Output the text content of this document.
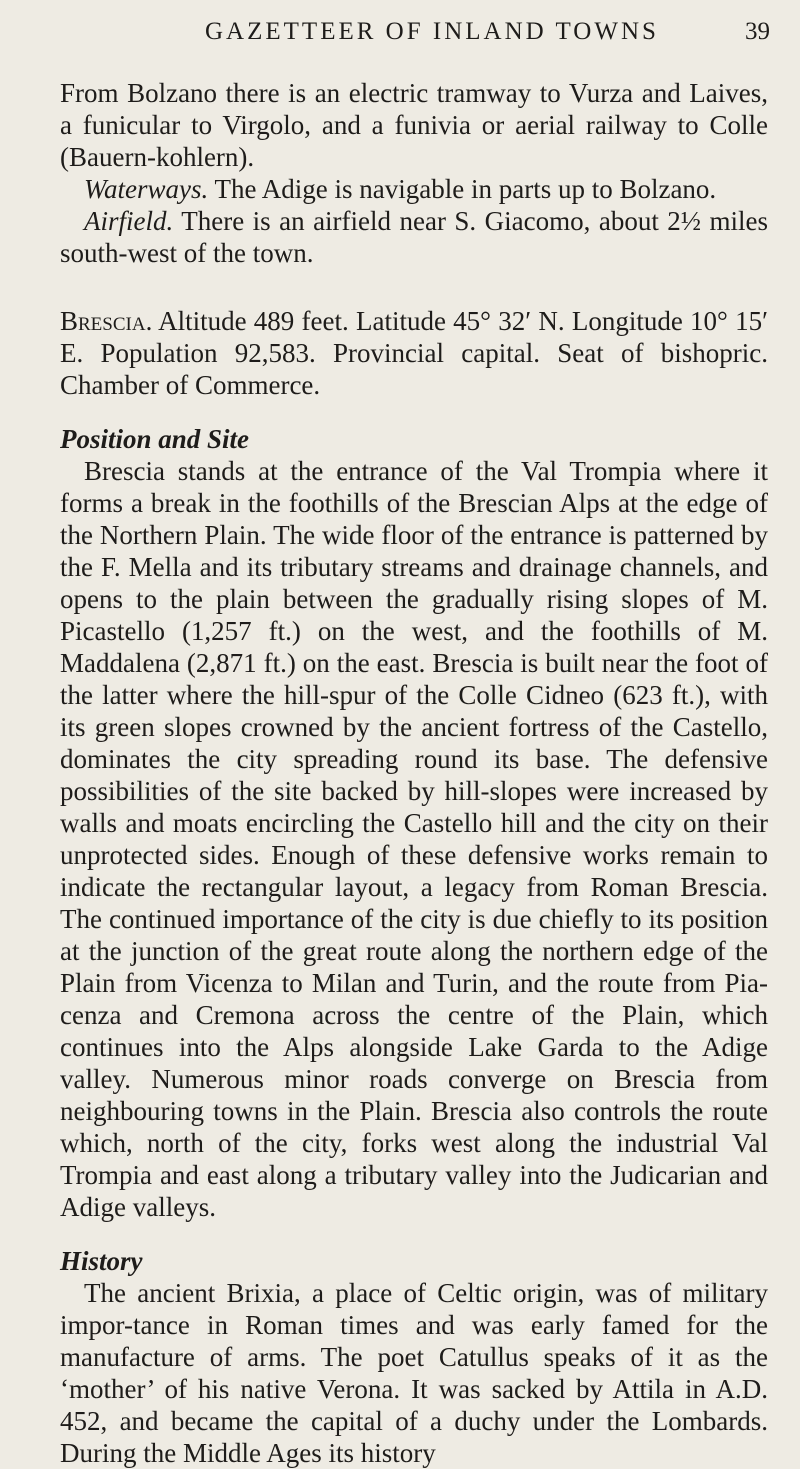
GAZETTEER OF INLAND TOWNS	39

From Bolzano there is an electric tramway to Vurza and Laives, a funicular to Virgolo, and a funivia or aerial railway to Colle (Bauern-kohlern).

Waterways. The Adige is navigable in parts up to Bolzano.

Airfield. There is an airfield near S. Giacomo, about 2½ miles south-west of the town.

Brescia. Altitude 489 feet. Latitude 45° 32′ N. Longitude 10° 15′ E. Population 92,583. Provincial capital. Seat of bishopric. Chamber of Commerce.

Position and Site

Brescia stands at the entrance of the Val Trompia where it forms a break in the foothills of the Brescian Alps at the edge of the Northern Plain. The wide floor of the entrance is patterned by the F. Mella and its tributary streams and drainage channels, and opens to the plain between the gradually rising slopes of M. Picastello (1,257 ft.) on the west, and the foothills of M. Maddalena (2,871 ft.) on the east. Brescia is built near the foot of the latter where the hill-spur of the Colle Cidneo (623 ft.), with its green slopes crowned by the ancient fortress of the Castello, dominates the city spreading round its base. The defensive possibilities of the site backed by hill-slopes were increased by walls and moats encircling the Castello hill and the city on their unprotected sides. Enough of these defensive works remain to indicate the rectangular layout, a legacy from Roman Brescia. The continued importance of the city is due chiefly to its position at the junction of the great route along the northern edge of the Plain from Vicenza to Milan and Turin, and the route from Pia-cenza and Cremona across the centre of the Plain, which continues into the Alps alongside Lake Garda to the Adige valley. Numerous minor roads converge on Brescia from neighbouring towns in the Plain. Brescia also controls the route which, north of the city, forks west along the industrial Val Trompia and east along a tributary valley into the Judicarian and Adige valleys.

History

The ancient Brixia, a place of Celtic origin, was of military impor-tance in Roman times and was early famed for the manufacture of arms. The poet Catullus speaks of it as the ‘mother’ of his native Verona. It was sacked by Attila in A.D. 452, and became the capital of a duchy under the Lombards. During the Middle Ages its history
